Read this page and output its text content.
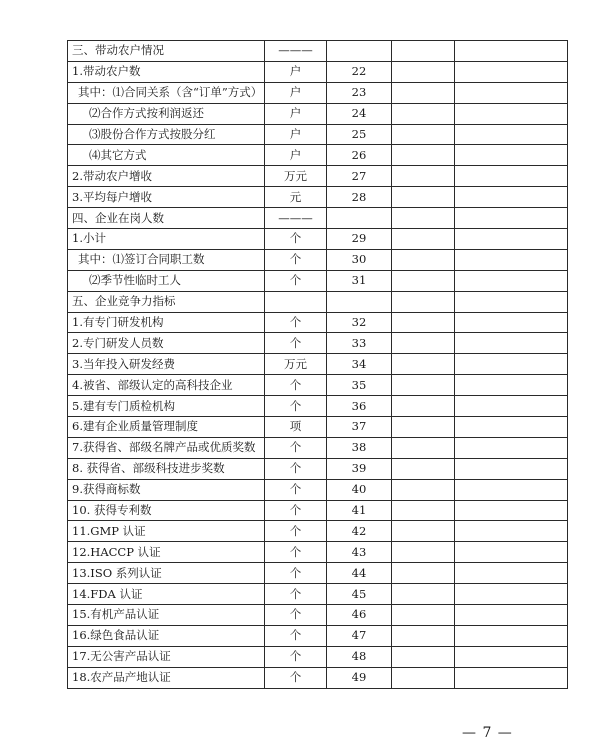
三、带动农户情况	———			
1.带动农户数	户	22		
其中：⑴合同关系（含“订单”方式）	户	23		
⑵合作方式按利润返还	户	24		
⑶股份合作方式按股分红	户	25		
⑷其它方式	户	26		
2.带动农户增收	万元	27		
3.平均每户增收	元	28		
四、企业在岗人数	———			
1.小计	个	29		
其中：⑴签订合同职工数	个	30		
⑵季节性临时工人	个	31		
五、企业竞争力指标				
1.有专门研发机构	个	32		
2.专门研发人员数	个	33		
3.当年投入研发经费	万元	34		
4.被省、部级认定的高科技企业	个	35		
5.建有专门质检机构	个	36		
6.建有企业质量管理制度	项	37		
7.获得省、部级名牌产品或优质奖数	个	38		
8. 获得省、部级科技进步奖数	个	39		
9.获得商标数	个	40		
10. 获得专利数	个	41		
11.GMP 认证	个	42		
12.HACCP 认证	个	43		
13.ISO 系列认证	个	44		
14.FDA 认证	个	45		
15.有机产品认证	个	46		
16.绿色食品认证	个	47		
17.无公害产品认证	个	48		
18.农产品产地认证	个	49		
— 7 —
